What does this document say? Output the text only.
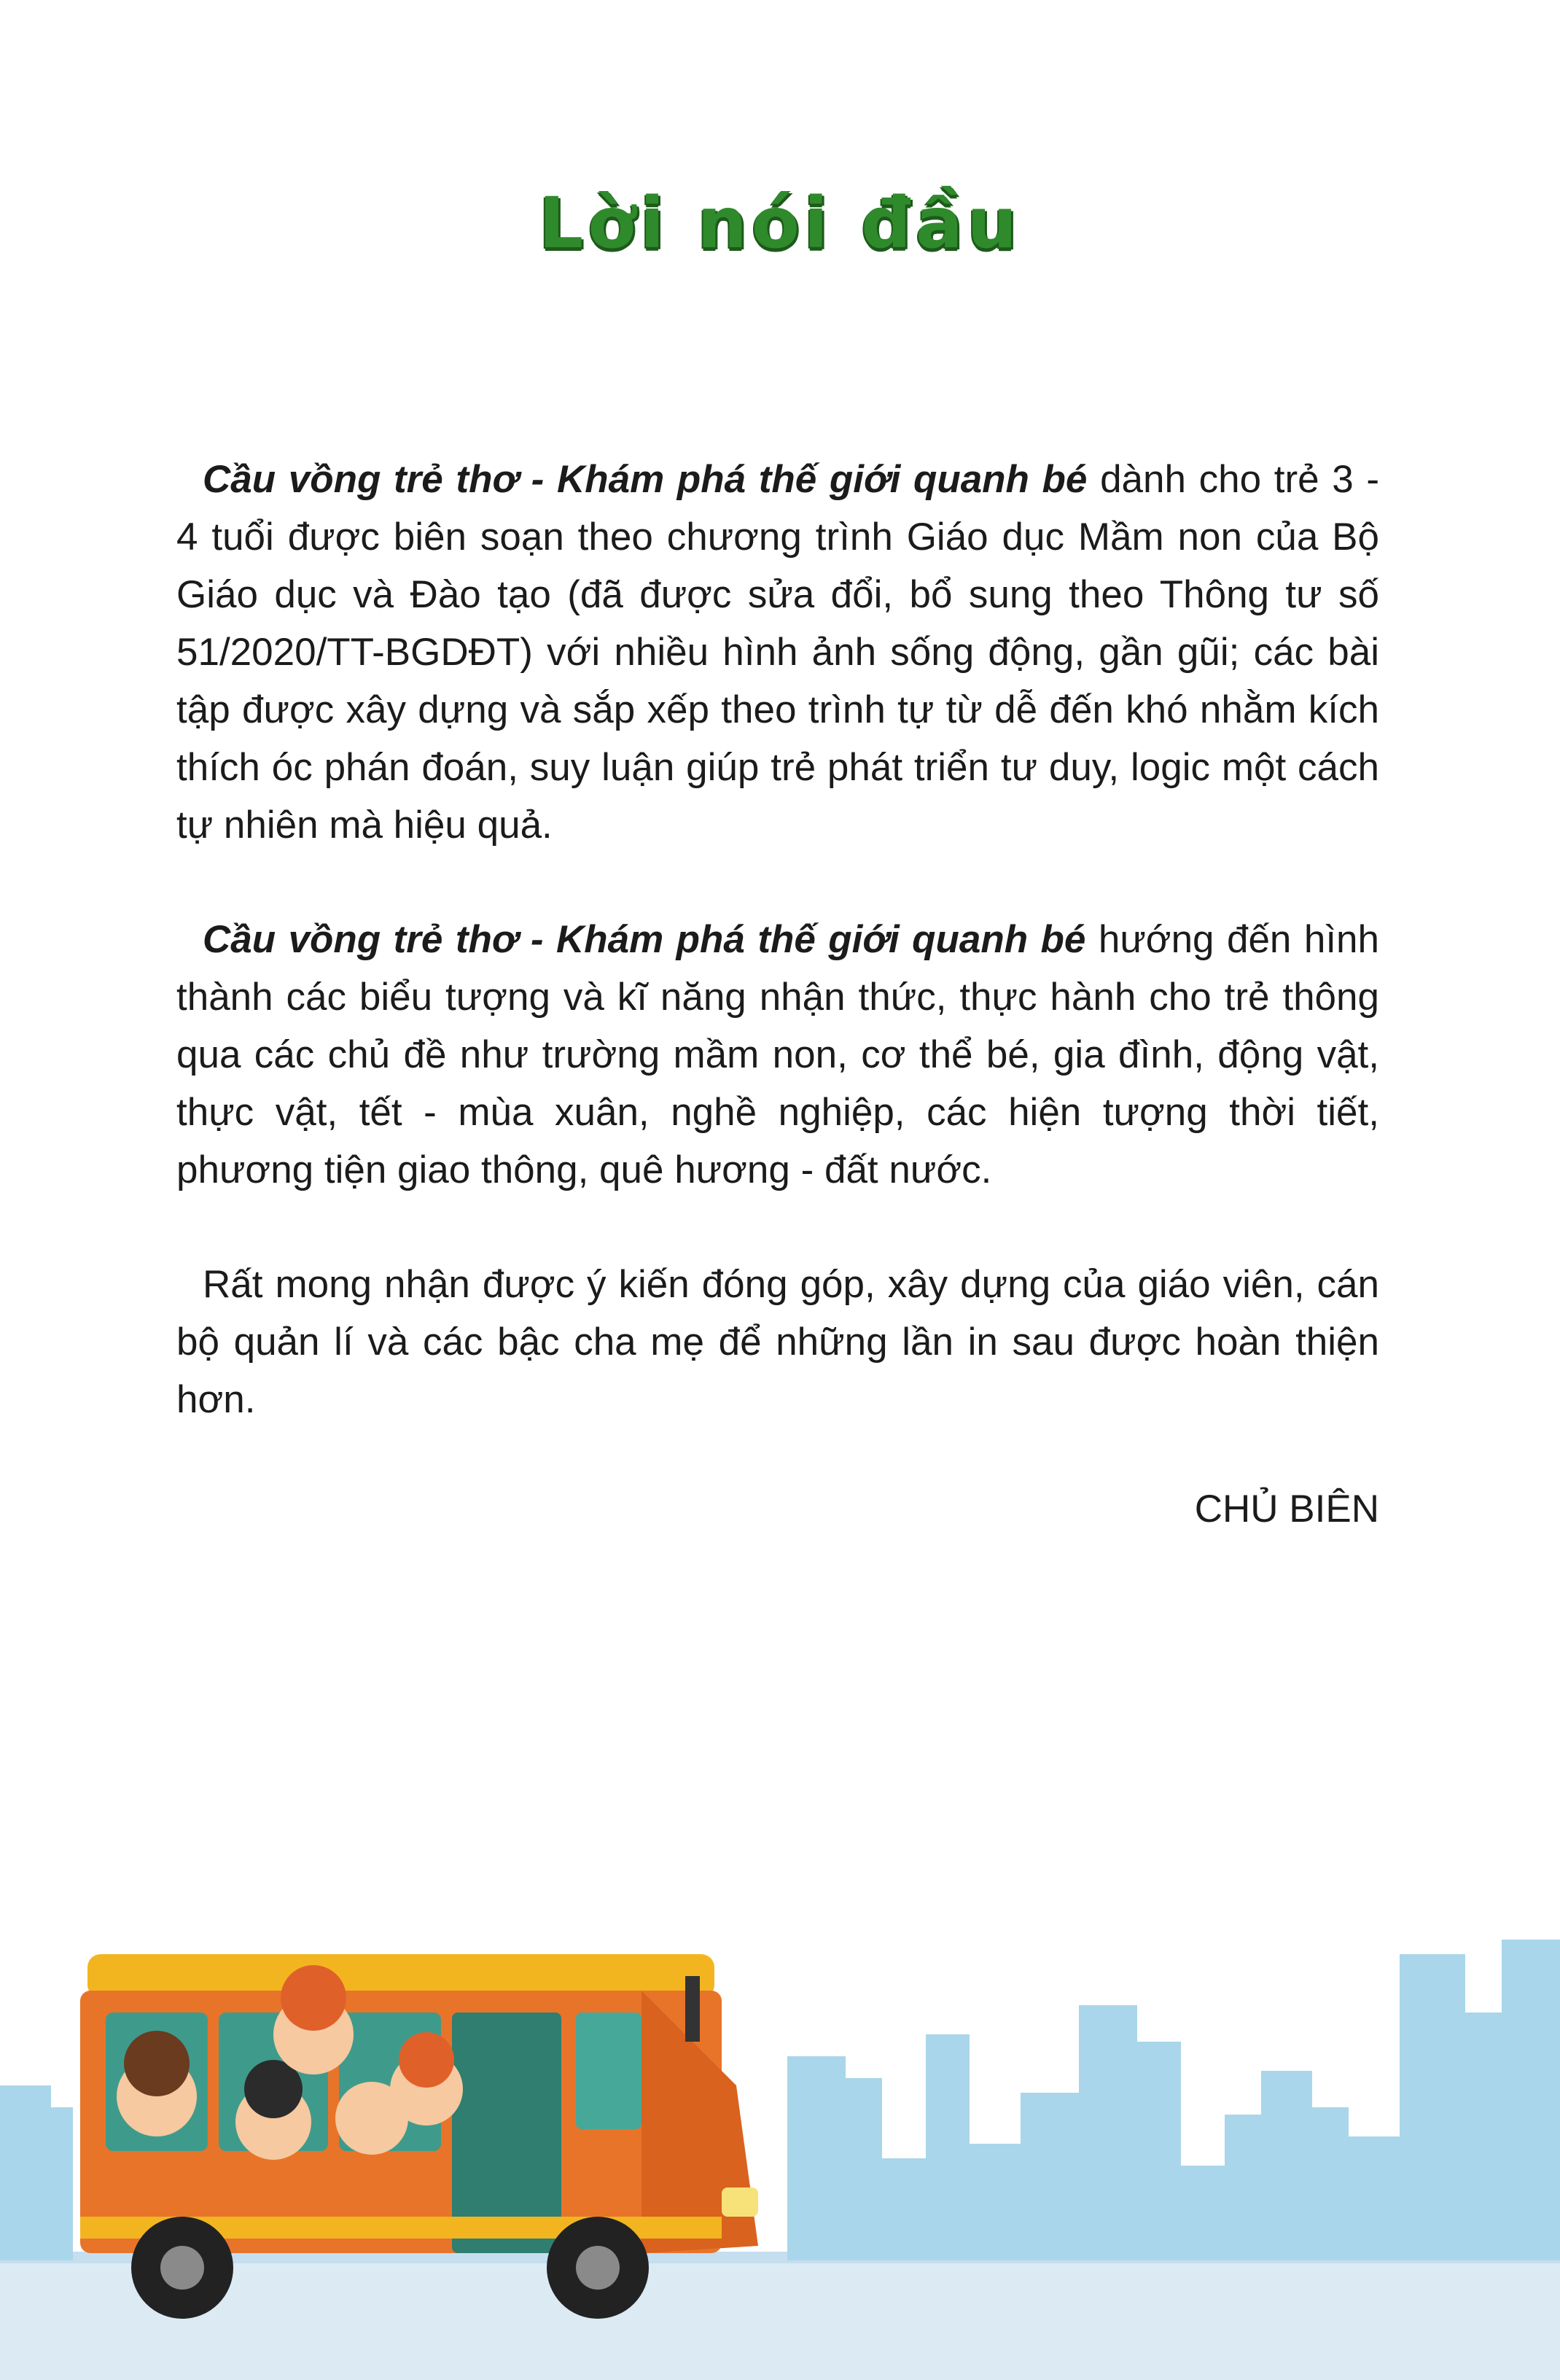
Lời nói đầu

Cầu vồng trẻ thơ - Khám phá thế giới quanh bé dành cho trẻ 3 - 4 tuổi được biên soạn theo chương trình Giáo dục Mầm non của Bộ Giáo dục và Đào tạo (đã được sửa đổi, bổ sung theo Thông tư số 51/2020/TT-BGDĐT) với nhiều hình ảnh sống động, gần gũi; các bài tập được xây dựng và sắp xếp theo trình tự từ dễ đến khó nhằm kích thích óc phán đoán, suy luận giúp trẻ phát triển tư duy, logic một cách tự nhiên mà hiệu quả.

Cầu vồng trẻ thơ - Khám phá thế giới quanh bé hướng đến hình thành các biểu tượng và kĩ năng nhận thức, thực hành cho trẻ thông qua các chủ đề như trường mầm non, cơ thể bé, gia đình, động vật, thực vật, tết - mùa xuân, nghề nghiệp, các hiện tượng thời tiết, phương tiện giao thông, quê hương - đất nước.

Rất mong nhận được ý kiến đóng góp, xây dựng của giáo viên, cán bộ quản lí và các bậc cha mẹ để những lần in sau được hoàn thiện hơn.

CHỦ BIÊN
